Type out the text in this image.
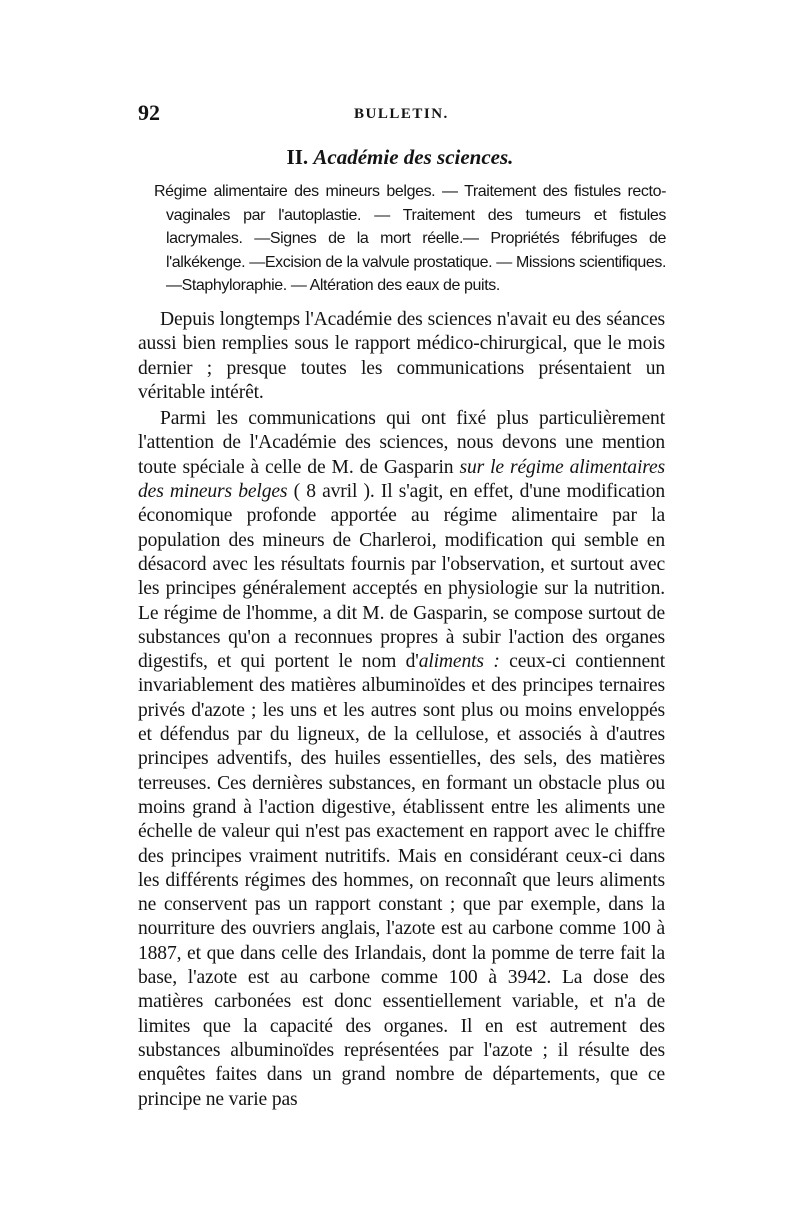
92	BULLETIN.
II. Académie des sciences.
Régime alimentaire des mineurs belges. — Traitement des fistules recto-vaginales par l'autoplastie. — Traitement des tumeurs et fistules lacrymales. —Signes de la mort réelle.— Propriétés fébrifuges de l'alkékenge. —Excision de la valvule prostatique. — Missions scientifiques. —Staphyloraphie. — Altération des eaux de puits.

Depuis longtemps l'Académie des sciences n'avait eu des séances aussi bien remplies sous le rapport médico-chirurgical, que le mois dernier ; presque toutes les communications présentaient un véritable intérêt.

Parmi les communications qui ont fixé plus particulièrement l'attention de l'Académie des sciences, nous devons une mention toute spéciale à celle de M. de Gasparin sur le régime alimentaires des mineurs belges ( 8 avril ). Il s'agit, en effet, d'une modification économique profonde apportée au régime alimentaire par la population des mineurs de Charleroi, modification qui semble en désacord avec les résultats fournis par l'observation, et surtout avec les principes généralement acceptés en physiologie sur la nutrition. Le régime de l'homme, a dit M. de Gasparin, se compose surtout de substances qu'on a reconnues propres à subir l'action des organes digestifs, et qui portent le nom d'aliments : ceux-ci contiennent invariablement des matières albuminoïdes et des principes ternaires privés d'azote ; les uns et les autres sont plus ou moins enveloppés et défendus par du ligneux, de la cellulose, et associés à d'autres principes adventifs, des huiles essentielles, des sels, des matières terreuses. Ces dernières substances, en formant un obstacle plus ou moins grand à l'action digestive, établissent entre les aliments une échelle de valeur qui n'est pas exactement en rapport avec le chiffre des principes vraiment nutritifs. Mais en considérant ceux-ci dans les différents régimes des hommes, on reconnaît que leurs aliments ne conservent pas un rapport constant ; que par exemple, dans la nourriture des ouvriers anglais, l'azote est au carbone comme 100 à 1887, et que dans celle des Irlandais, dont la pomme de terre fait la base, l'azote est au carbone comme 100 à 3942. La dose des matières carbonées est donc essentiellement variable, et n'a de limites que la capacité des organes. Il en est autrement des substances albuminoïdes représentées par l'azote ; il résulte des enquêtes faites dans un grand nombre de départements, que ce principe ne varie pas
